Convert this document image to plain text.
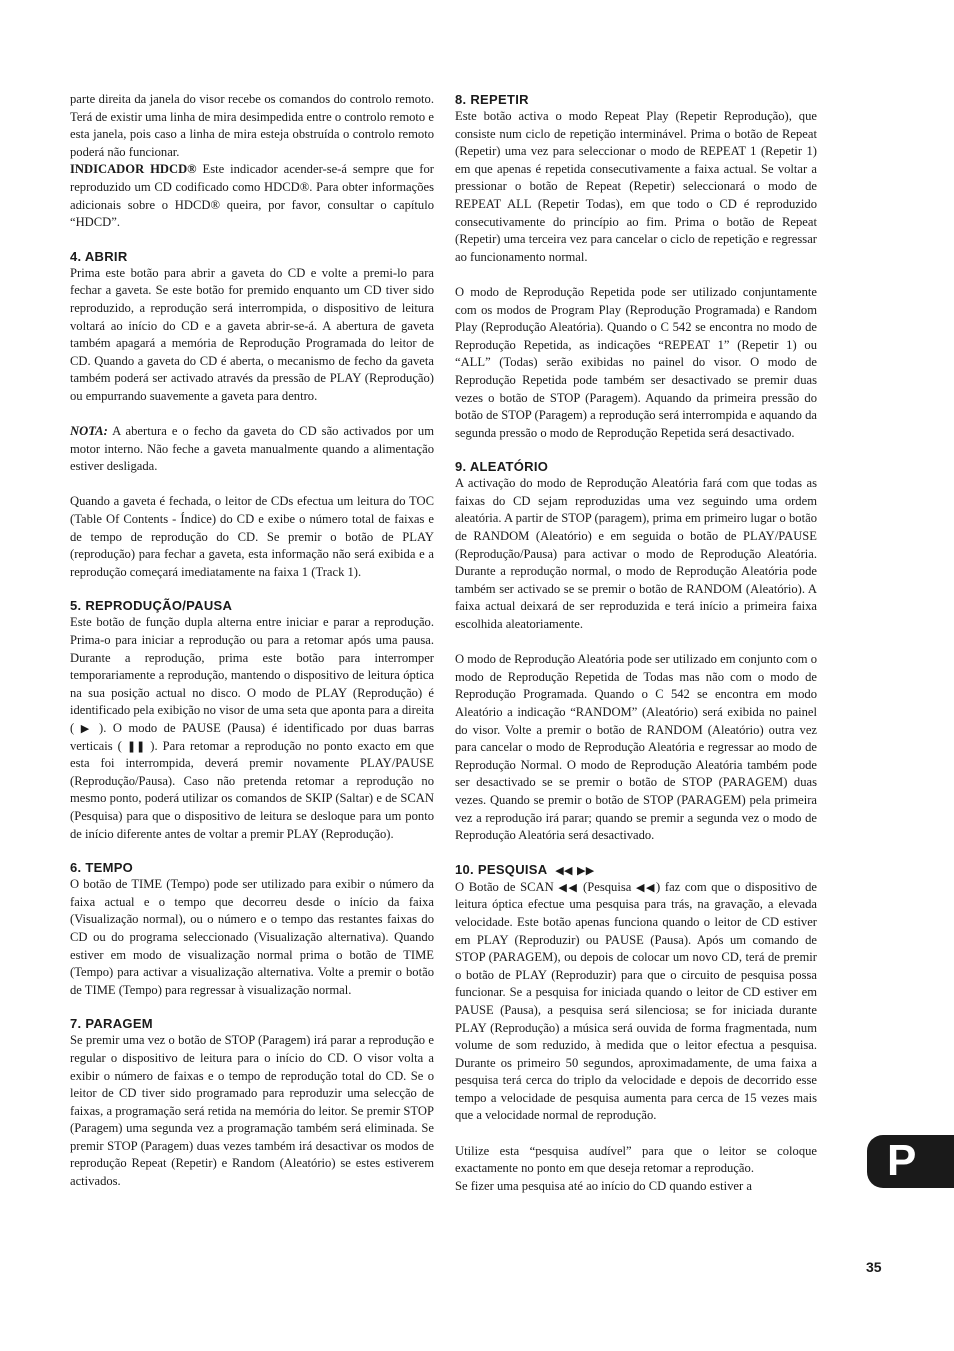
parte direita da janela do visor recebe os comandos do controlo remoto. Terá de existir uma linha de mira desimpedida entre o controlo remoto e esta janela, pois caso a linha de mira esteja obstruída o controlo remoto poderá não funcionar.

INDICADOR HDCD® Este indicador acender-se-á sempre que for reproduzido um CD codificado como HDCD®. Para obter informações adicionais sobre o HDCD® queira, por favor, consultar o capítulo “HDCD”.

4. ABRIR

Prima este botão para abrir a gaveta do CD e volte a premi-lo para fechar a gaveta. Se este botão for premido enquanto um CD tiver sido reproduzido, a reprodução será interrompida, o dispositivo de leitura voltará ao início do CD e a gaveta abrir-se-á. A abertura de gaveta também apagará a memória de Reprodução Programada do leitor de CD. Quando a gaveta do CD é aberta, o mecanismo de fecho da gaveta também poderá ser activado através da pressão de PLAY (Reprodução) ou empurrando suavemente a gaveta para dentro.

NOTA: A abertura e o fecho da gaveta do CD são activados por um motor interno. Não feche a gaveta manualmente quando a alimentação estiver desligada.

Quando a gaveta é fechada, o leitor de CDs efectua um leitura do TOC (Table Of Contents - Índice) do CD e exibe o número total de faixas e de tempo de reprodução do CD. Se premir o botão de PLAY (reprodução) para fechar a gaveta, esta informação não será exibida e a reprodução começará imediatamente na faixa 1 (Track 1).

5. REPRODUÇÃO/PAUSA

Este botão de função dupla alterna entre iniciar e parar a reprodução. Prima-o para iniciar a reprodução ou para a retomar após uma pausa. Durante a reprodução, prima este botão para interromper temporariamente a reprodução, mantendo o dispositivo de leitura óptica na sua posição actual no disco. O modo de PLAY (Reprodução) é identificado pela exibição no visor de uma seta que aponta para a direita ( ▶ ). O modo de PAUSE (Pausa) é identificado por duas barras verticais ( ❚❚ ). Para retomar a reprodução no ponto exacto em que esta foi interrompida, deverá premir novamente PLAY/PAUSE (Reprodução/Pausa). Caso não pretenda retomar a reprodução no mesmo ponto, poderá utilizar os comandos de SKIP (Saltar) e de SCAN (Pesquisa) para que o dispositivo de leitura se desloque para um ponto de início diferente antes de voltar a premir PLAY (Reprodução).

6. TEMPO

O botão de TIME (Tempo) pode ser utilizado para exibir o número da faixa actual e o tempo que decorreu desde o início da faixa (Visualização normal), ou o número e o tempo das restantes faixas do CD ou do programa seleccionado (Visualização alternativa). Quando estiver em modo de visualização normal prima o botão de TIME (Tempo) para activar a visualização alternativa. Volte a premir o botão de TIME (Tempo) para regressar à visualização normal.

7. PARAGEM

Se premir uma vez o botão de STOP (Paragem) irá parar a reprodução e regular o dispositivo de leitura para o início do CD. O visor volta a exibir o número de faixas e o tempo de reprodução total do CD. Se o leitor de CD tiver sido programado para reproduzir uma selecção de faixas, a programação será retida na memória do leitor. Se premir STOP (Paragem) uma segunda vez a programação também será eliminada. Se premir STOP (Paragem) duas vezes também irá desactivar os modos de reprodução Repeat (Repetir) e Random (Aleatório) se estes estiverem activados.

8. REPETIR

Este botão activa o modo Repeat Play (Repetir Reprodução), que consiste num ciclo de repetição interminável. Prima o botão de Repeat (Repetir) uma vez para seleccionar o modo de REPEAT 1 (Repetir 1) em que apenas é repetida consecutivamente a faixa actual. Se voltar a pressionar o botão de Repeat (Repetir) seleccionará o modo de REPEAT ALL (Repetir Todas), em que todo o CD é reproduzido consecutivamente do princípio ao fim. Prima o botão de Repeat (Repetir) uma terceira vez para cancelar o ciclo de repetição e regressar ao funcionamento normal.

O modo de Reprodução Repetida pode ser utilizado conjuntamente com os modos de Program Play (Reprodução Programada) e Random Play (Reprodução Aleatória). Quando o C 542 se encontra no modo de Reprodução Repetida, as indicações “REPEAT 1” (Repetir 1) ou “ALL” (Todas) serão exibidas no painel do visor. O modo de Reprodução Repetida pode também ser desactivado se premir duas vezes o botão de STOP (Paragem). Aquando da primeira pressão do botão de STOP (Paragem) a reprodução será interrompida e aquando da segunda pressão o modo de Reprodução Repetida será desactivado.

9. ALEATÓRIO

A activação do modo de Reprodução Aleatória fará com que todas as faixas do CD sejam reproduzidas uma vez seguindo uma ordem aleatória. A partir de STOP (paragem), prima em primeiro lugar o botão de RANDOM (Aleatório) e em seguida o botão de PLAY/PAUSE (Reprodução/Pausa) para activar o modo de Reprodução Aleatória. Durante a reprodução normal, o modo de Reprodução Aleatória pode também ser activado se se premir o botão de RANDOM (Aleatório). A faixa actual deixará de ser reproduzida e terá início a primeira faixa escolhida aleatoriamente.

O modo de Reprodução Aleatória pode ser utilizado em conjunto com o modo de Reprodução Repetida de Todas mas não com o modo de Reprodução Programada. Quando o C 542 se encontra em modo Aleatório a indicação “RANDOM” (Aleatório) será exibida no painel do visor. Volte a premir o botão de RANDOM (Aleatório) outra vez para cancelar o modo de Reprodução Aleatória e regressar ao modo de Reprodução Normal. O modo de Reprodução Aleatória também pode ser desactivado se se premir o botão de STOP (PARAGEM) duas vezes. Quando se premir o botão de STOP (PARAGEM) pela primeira vez a reprodução irá parar; quando se premir a segunda vez o modo de Reprodução Aleatória será desactivado.

10. PESQUISA ◀◀ ▶▶

O Botão de SCAN ◀◀ (Pesquisa ◀◀) faz com que o dispositivo de leitura óptica efectue uma pesquisa para trás, na gravação, a elevada velocidade. Este botão apenas funciona quando o leitor de CD estiver em PLAY (Reproduzir) ou PAUSE (Pausa). Após um comando de STOP (PARAGEM), ou depois de colocar um novo CD, terá de premir o botão de PLAY (Reproduzir) para que o circuito de pesquisa possa funcionar. Se a pesquisa for iniciada quando o leitor de CD estiver em PAUSE (Pausa), a pesquisa será silenciosa; se for iniciada durante PLAY (Reprodução) a música será ouvida de forma fragmentada, num volume de som reduzido, à medida que o leitor efectua a pesquisa. Durante os primeiro 50 segundos, aproximadamente, de uma faixa a pesquisa terá cerca do triplo da velocidade e depois de decorrido esse tempo a velocidade de pesquisa aumenta para cerca de 15 vezes mais que a velocidade normal de reprodução.

Utilize esta “pesquisa audível” para que o leitor se coloque exactamente no ponto em que deseja retomar a reprodução.

Se fizer uma pesquisa até ao início do CD quando estiver a

P
35
